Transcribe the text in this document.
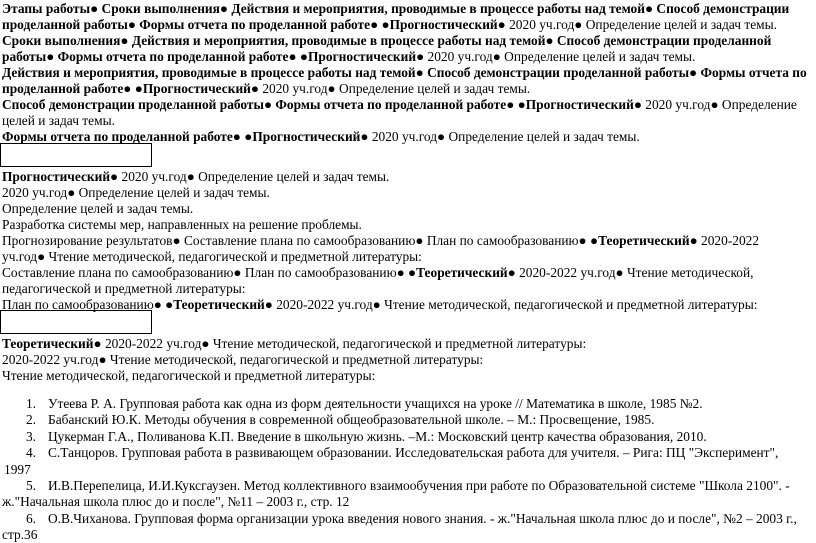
Этапы работы● Сроки выполнения● Действия и мероприятия, проводимые в процессе работы над темой● Способ демонстрации
проделанной работы● Формы отчета по проделанной работе● ●Прогностический● 2020 уч.год● Определение целей и задач темы.
Сроки выполнения● Действия и мероприятия, проводимые в процессе работы над темой● Способ демонстрации проделанной
работы● Формы отчета по проделанной работе● ●Прогностический● 2020 уч.год● Определение целей и задач темы.
Действия и мероприятия, проводимые в процессе работы над темой● Способ демонстрации проделанной работы● Формы отчета по
проделанной работе● ●Прогностический● 2020 уч.год● Определение целей и задач темы.
Способ демонстрации проделанной работы● Формы отчета по проделанной работе● ●Прогностический● 2020 уч.год● Определение
целей и задач темы.
Формы отчета по проделанной работе● ●Прогностический● 2020 уч.год● Определение целей и задач темы.
Прогностический● 2020 уч.год● Определение целей и задач темы.
2020 уч.год● Определение целей и задач темы.
Определение целей и задач темы.
Разработка системы мер, направленных на решение проблемы.
Прогнозирование результатов● Составление плана по самообразованию● План по самообразованию● ●Теоретический● 2020-2022
уч.год● Чтение методической, педагогической и предметной литературы:
Составление плана по самообразованию● План по самообразованию● ●Теоретический● 2020-2022 уч.год● Чтение методической,
педагогической и предметной литературы:
План по самообразованию● ●Теоретический● 2020-2022 уч.год● Чтение методической, педагогической и предметной литературы:
Теоретический● 2020-2022 уч.год● Чтение методической, педагогической и предметной литературы:
2020-2022 уч.год● Чтение методической, педагогической и предметной литературы:
Чтение методической, педагогической и предметной литературы:
1. Утеева Р. А. Групповая работа как одна из форм деятельности учащихся на уроке // Математика в школе, 1985 №2.
2. Бабанский Ю.К. Методы обучения в современной общеобразовательной школе. – М.: Просвещение, 1985.
3. Цукерман Г.А., Поливанова К.П. Введение в школьную жизнь. –М.: Московский центр качества образования, 2010.
4. С.Танцоров. Групповая работа в развивающем образовании. Исследовательская работа для учителя. – Рига: ПЦ "Эксперимент",
1997
5. И.В.Перепелица, И.И.Куксгаузен. Метод коллективного взаимообучения при работе по Образовательной системе "Школа 2100". -
ж."Начальная школа плюс до и после", №11 – 2003 г., стр. 12
6. О.В.Чиханова. Групповая форма организации урока введения нового знания. - ж."Начальная школа плюс до и после", №2 – 2003 г.,
стр.36
